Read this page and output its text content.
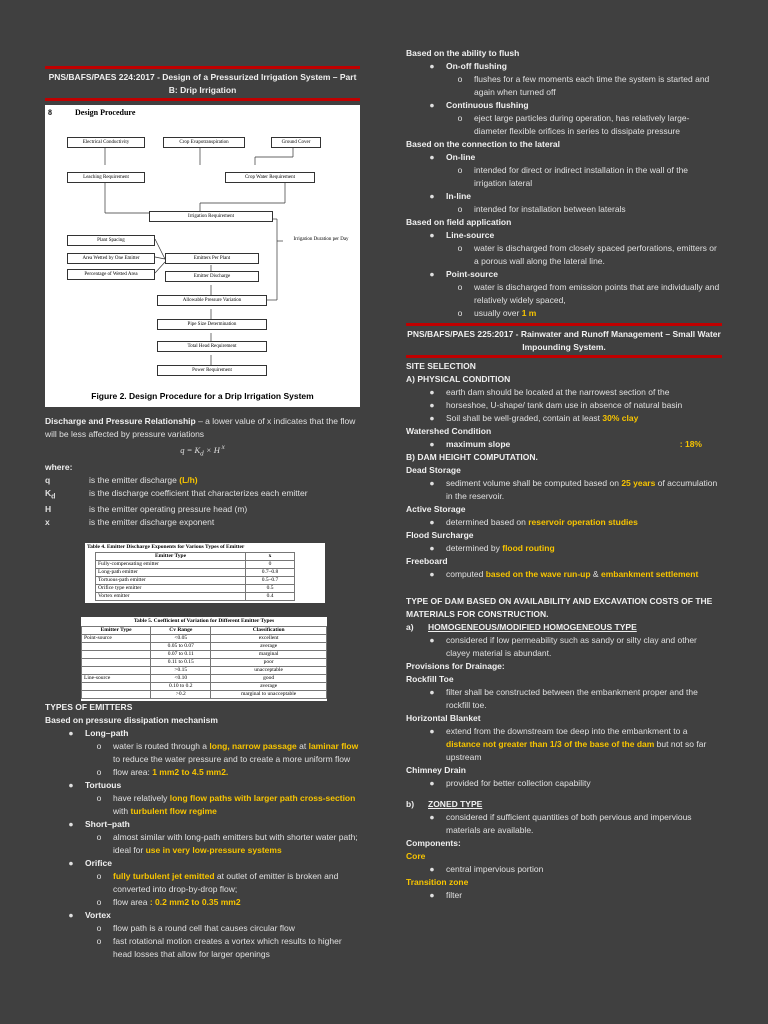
PNS/BAFS/PAES 224:2017 - Design of a Pressurized Irrigation System – Part B: Drip Irrigation
8	Design Procedure
Electrical Conductivity	Crop Evapotranspiration	Ground Cover
Leaching Requirement	Crop Water Requirement
Irrigation Requirement
Plant Spacing
Area Wetted by One Emitter
Percentage of Wetted Area
Emitters Per Plant
Emitter Discharge
Irrigation Duration per Day
Allowable Pressure Variation
Pipe Size Determination
Total Head Requirement
Power Requirement
Figure 2. Design Procedure for a Drip Irrigation System
Discharge and Pressure Relationship – a lower value of x indicates that the flow will be less affected by pressure variations
$q = K_d \times H$ $^x$
where:
q	is the emitter discharge (L/h)
$K_d$	is the discharge coefficient that characterizes each emitter
H	is the emitter operating pressure head (m)
x	is the emitter discharge exponent
Table 4. Emitter Discharge Exponents for Various Types of Emitter
Emitter Type	x
Fully-compensating emitter	0
Long-path emitter	0.7–0.8
Tortuous-path emitter	0.5–0.7
Orifice type emitter	0.5
Vortex emitter	0.4
Table 5. Coefficient of Variation for Different Emitter Types
Emitter Type	Cv Range	Classification
Point-source	<0.05	excellent
	0.05 to 0.07	average
	0.07 to 0.11	marginal
	0.11 to 0.15	poor
	>0.15	unacceptable
Line-source	<0.10	good
	0.10 to 0.2	average
	>0.2	marginal to unacceptable
TYPES OF EMITTERS
Based on pressure dissipation mechanism
●	Long–path
o	water is routed through a long, narrow passage at laminar flow to reduce the water pressure and to create a more uniform flow
o	flow area: 1 mm2 to 4.5 mm2.
●	Tortuous
o	have relatively long flow paths with larger path cross-section with turbulent flow regime
●	Short–path
o	almost similar with long-path emitters but with shorter water path; ideal for use in very low-pressure systems
●	Orifice
o	fully turbulent jet emitted at outlet of emitter is broken and converted into drop-by-drop flow;
o	flow area : 0.2 mm2 to 0.35 mm2
●	Vortex
o	flow path is a round cell that causes circular flow
o	fast rotational motion creates a vortex which results to higher head losses that allow for larger openings
Based on the ability to flush
●	On-off flushing
o	flushes for a few moments each time the system is started and again when turned off
●	Continuous flushing
o	eject large particles during operation, has relatively large-diameter flexible orifices in series to dissipate pressure
Based on the connection to the lateral
●	On-line
o	intended for direct or indirect installation in the wall of the irrigation lateral
●	In-line
o	intended for installation between laterals
Based on field application
●	Line-source
o	water is discharged from closely spaced perforations, emitters or a porous wall along the lateral line.
●	Point-source
o	water is discharged from emission points that are individually and relatively widely spaced,
o	usually over 1 m
PNS/BAFS/PAES 225:2017 - Rainwater and Runoff Management – Small Water Impounding System.
SITE SELECTION
A) PHYSICAL CONDITION
●	earth dam should be located at the narrowest section of the
●	horseshoe, U-shape/ tank dam use in absence of natural basin
●	Soil shall be well-graded, contain at least 30% clay
Watershed Condition
●	maximum slope	: 18%
B) DAM HEIGHT COMPUTATION.
Dead Storage
●	sediment volume shall be computed based on 25 years of accumulation in the reservoir.
Active Storage
●	determined based on reservoir operation studies
Flood Surcharge
●	determined by flood routing
Freeboard
●	computed based on the wave run-up & embankment settlement
TYPE OF DAM BASED ON AVAILABILITY AND EXCAVATION COSTS OF THE MATERIALS FOR CONSTRUCTION.
a)	HOMOGENEOUS/MODIFIED HOMOGENEOUS TYPE
●	considered if low permeability such as sandy or silty clay and other clayey material is abundant.
Provisions for Drainage:
Rockfill Toe
●	filter shall be constructed between the embankment proper and the rockfill toe.
Horizontal Blanket
●	extend from the downstream toe deep into the embankment to a distance not greater than 1/3 of the base of the dam but not so far upstream
Chimney Drain
●	provided for better collection capability
b)	ZONED TYPE
●	considered if sufficient quantities of both pervious and impervious materials are available.
Components:
Core
●	central impervious portion
Transition zone
●	filter
